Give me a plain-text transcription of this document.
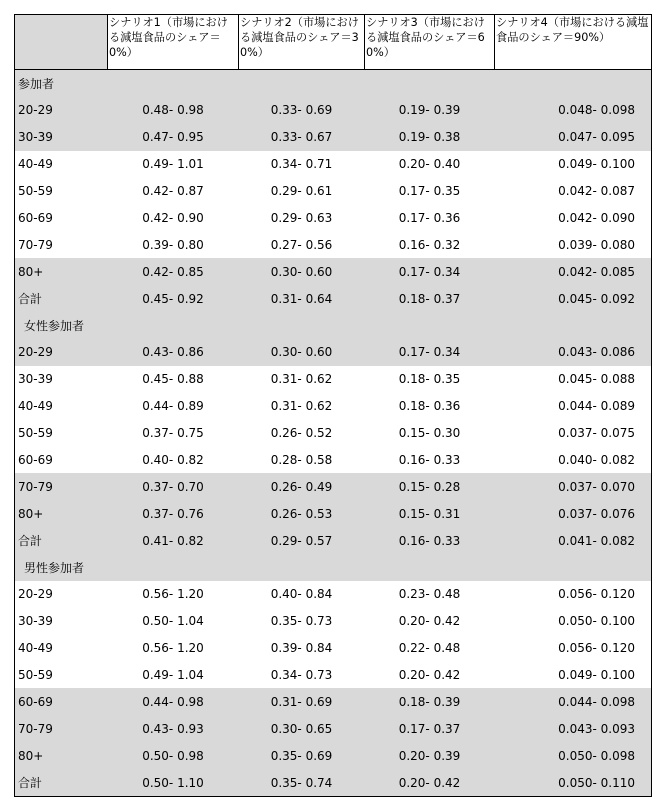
	シナリオ1（市場における減塩食品のシェア＝0%）	シナリオ2（市場における減塩食品のシェア＝30%）	シナリオ3（市場における減塩食品のシェア＝60%）	シナリオ4（市場における減塩食品のシェア＝90%）
参加者				
20-29	0.48- 0.98	0.33- 0.69	0.19- 0.39	0.048- 0.098
30-39	0.47- 0.95	0.33- 0.67	0.19- 0.38	0.047- 0.095
40-49	0.49- 1.01	0.34- 0.71	0.20- 0.40	0.049- 0.100
50-59	0.42- 0.87	0.29- 0.61	0.17- 0.35	0.042- 0.087
60-69	0.42- 0.90	0.29- 0.63	0.17- 0.36	0.042- 0.090
70-79	0.39- 0.80	0.27- 0.56	0.16- 0.32	0.039- 0.080
80+	0.42- 0.85	0.30- 0.60	0.17- 0.34	0.042- 0.085
合計	0.45- 0.92	0.31- 0.64	0.18- 0.37	0.045- 0.092
女性参加者				
20-29	0.43- 0.86	0.30- 0.60	0.17- 0.34	0.043- 0.086
30-39	0.45- 0.88	0.31- 0.62	0.18- 0.35	0.045- 0.088
40-49	0.44- 0.89	0.31- 0.62	0.18- 0.36	0.044- 0.089
50-59	0.37- 0.75	0.26- 0.52	0.15- 0.30	0.037- 0.075
60-69	0.40- 0.82	0.28- 0.58	0.16- 0.33	0.040- 0.082
70-79	0.37- 0.70	0.26- 0.49	0.15- 0.28	0.037- 0.070
80+	0.37- 0.76	0.26- 0.53	0.15- 0.31	0.037- 0.076
合計	0.41- 0.82	0.29- 0.57	0.16- 0.33	0.041- 0.082
男性参加者				
20-29	0.56- 1.20	0.40- 0.84	0.23- 0.48	0.056- 0.120
30-39	0.50- 1.04	0.35- 0.73	0.20- 0.42	0.050- 0.100
40-49	0.56- 1.20	0.39- 0.84	0.22- 0.48	0.056- 0.120
50-59	0.49- 1.04	0.34- 0.73	0.20- 0.42	0.049- 0.100
60-69	0.44- 0.98	0.31- 0.69	0.18- 0.39	0.044- 0.098
70-79	0.43- 0.93	0.30- 0.65	0.17- 0.37	0.043- 0.093
80+	0.50- 0.98	0.35- 0.69	0.20- 0.39	0.050- 0.098
合計	0.50- 1.10	0.35- 0.74	0.20- 0.42	0.050- 0.110
